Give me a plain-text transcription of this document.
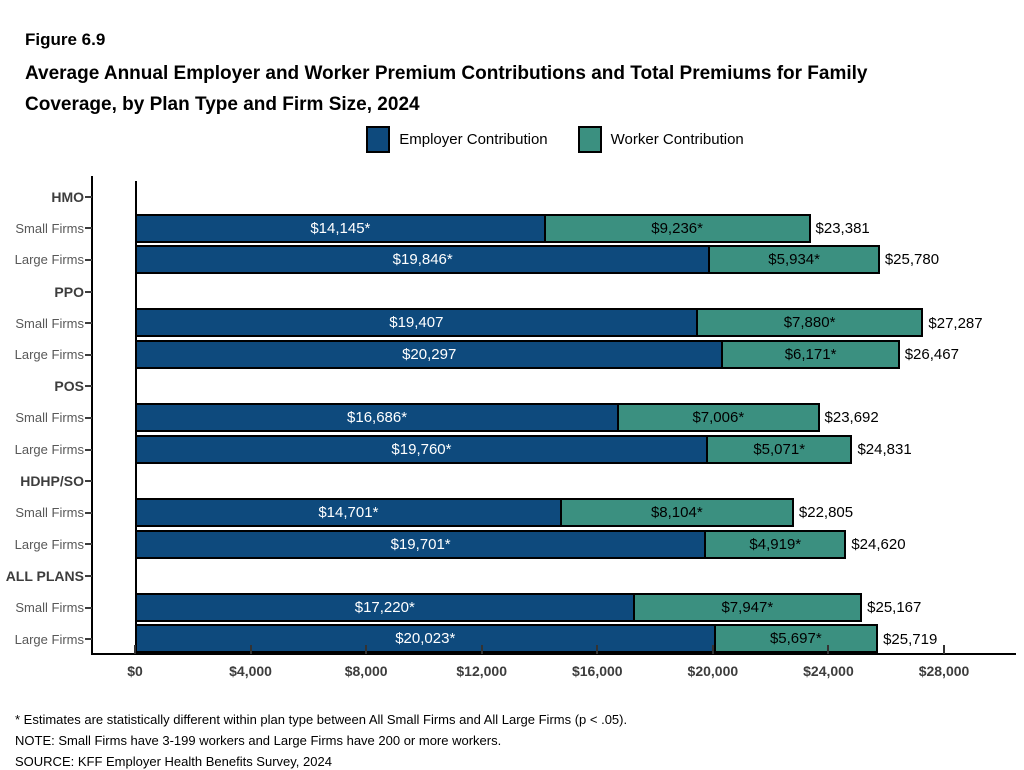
Figure 6.9
Average Annual Employer and Worker Premium Contributions and Total Premiums for Family
Coverage, by Plan Type and Firm Size, 2024
Employer Contribution	Worker Contribution
HMO
Small Firms	$14,145*	$9,236*	$23,381
Large Firms	$19,846*	$5,934*	$25,780
PPO
Small Firms	$19,407	$7,880*	$27,287
Large Firms	$20,297	$6,171*	$26,467
POS
Small Firms	$16,686*	$7,006*	$23,692
Large Firms	$19,760*	$5,071*	$24,831
HDHP/SO
Small Firms	$14,701*	$8,104*	$22,805
Large Firms	$19,701*	$4,919*	$24,620
ALL PLANS
Small Firms	$17,220*	$7,947*	$25,167
Large Firms	$20,023*	$5,697*	$25,719
* Estimates are statistically different within plan type between All Small Firms and All Large Firms (p < .05).
NOTE: Small Firms have 3-199 workers and Large Firms have 200 or more workers.
SOURCE: KFF Employer Health Benefits Survey, 2024
$0	$4,000	$8,000	$12,000	$16,000	$20,000	$24,000	$28,000
